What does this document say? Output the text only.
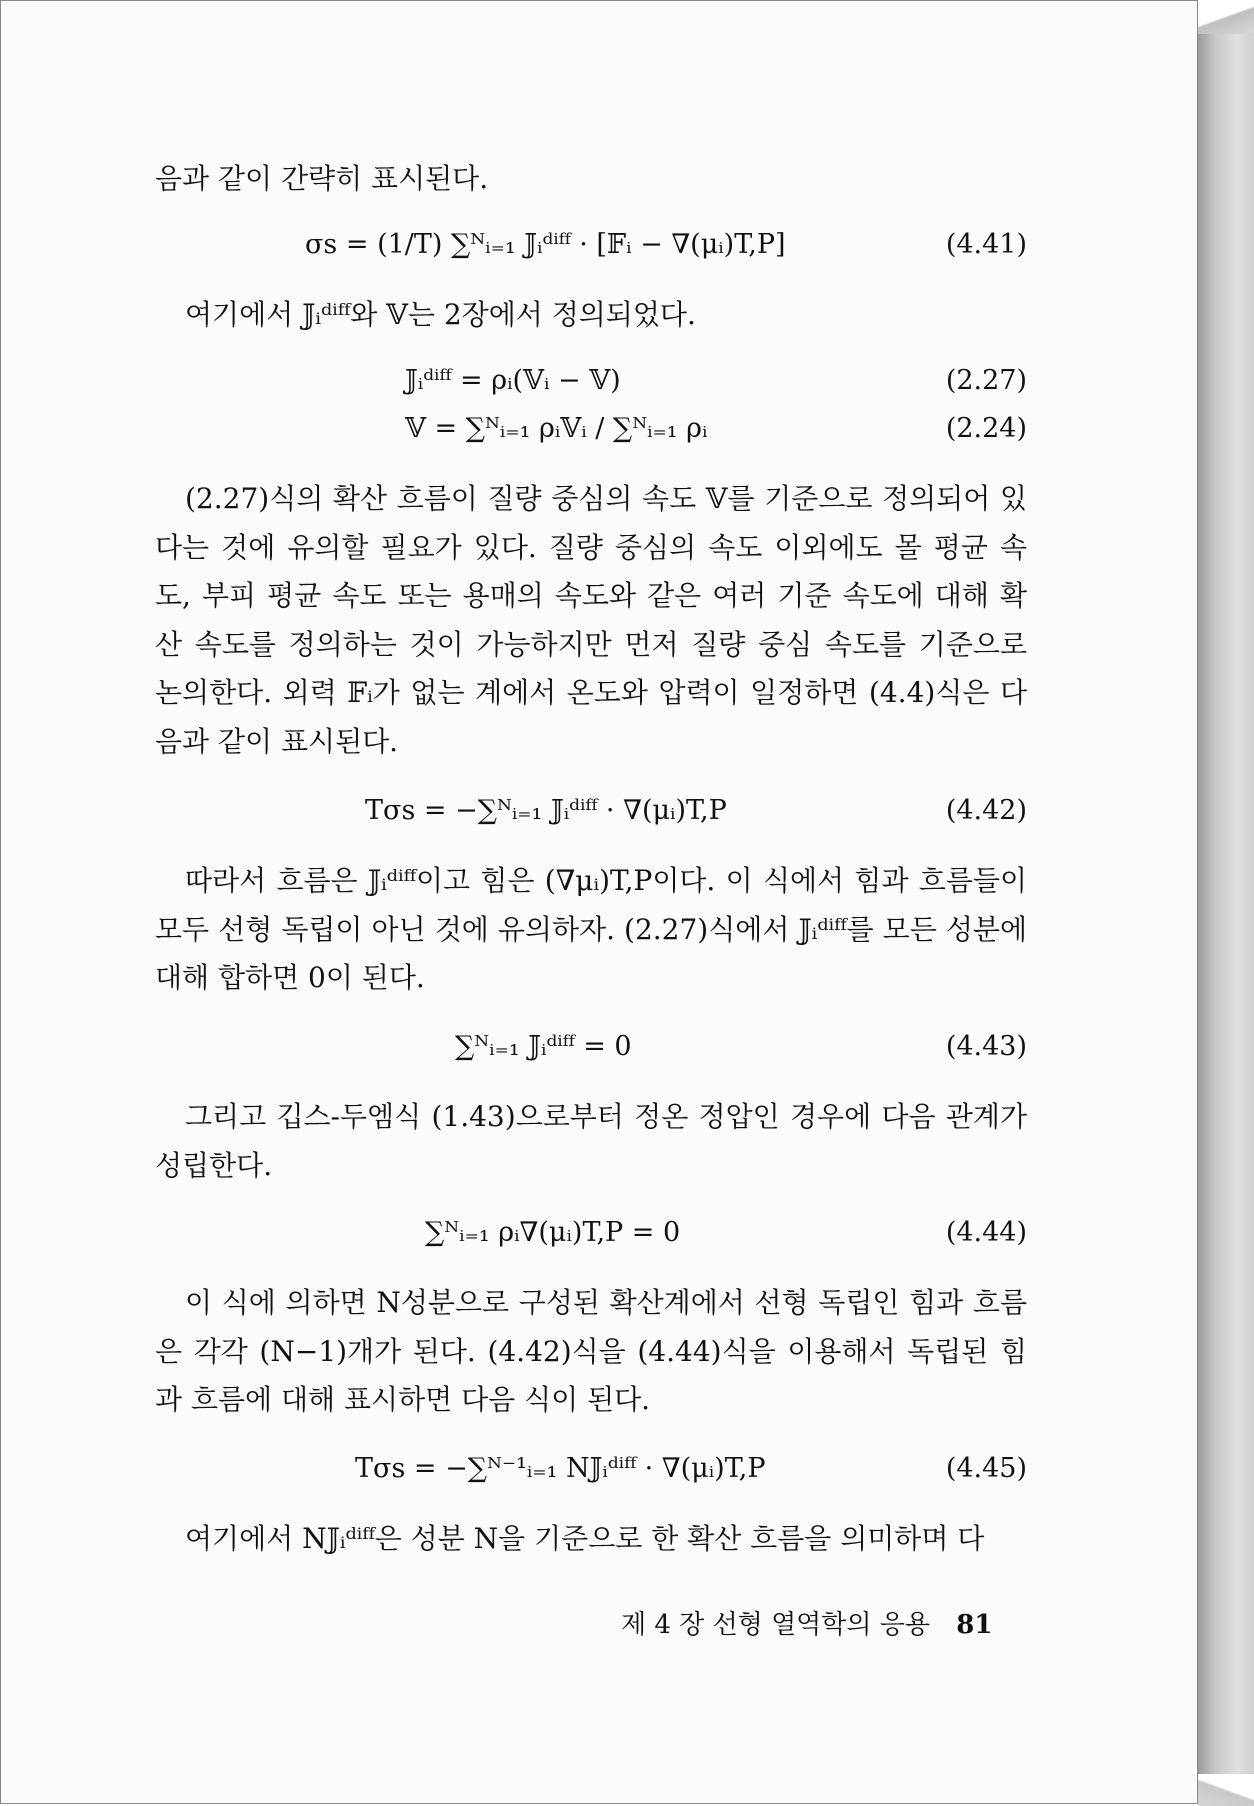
음과 같이 간략히 표시된다.

σs = (1/T) ∑ᴺᵢ₌₁ 𝕁ᵢᵈⁱᶠᶠ · [𝔽ᵢ − ∇(μᵢ)T,P]	(4.41)

여기에서 𝕁ᵢᵈⁱᶠᶠ와 𝕍는 2장에서 정의되었다.

𝕁ᵢᵈⁱᶠᶠ = ρᵢ(𝕍ᵢ − 𝕍)	(2.27)
𝕍 = ∑ᴺᵢ₌₁ ρᵢ𝕍ᵢ / ∑ᴺᵢ₌₁ ρᵢ	(2.24)

(2.27)식의 확산 흐름이 질량 중심의 속도 𝕍를 기준으로 정의되어 있다는 것에 유의할 필요가 있다. 질량 중심의 속도 이외에도 몰 평균 속도, 부피 평균 속도 또는 용매의 속도와 같은 여러 기준 속도에 대해 확산 속도를 정의하는 것이 가능하지만 먼저 질량 중심 속도를 기준으로 논의한다. 외력 𝔽ᵢ가 없는 계에서 온도와 압력이 일정하면 (4.4)식은 다음과 같이 표시된다.

Tσs = −∑ᴺᵢ₌₁ 𝕁ᵢᵈⁱᶠᶠ · ∇(μᵢ)T,P	(4.42)

따라서 흐름은 𝕁ᵢᵈⁱᶠᶠ이고 힘은 (∇μᵢ)T,P이다. 이 식에서 힘과 흐름들이 모두 선형 독립이 아닌 것에 유의하자. (2.27)식에서 𝕁ᵢᵈⁱᶠᶠ를 모든 성분에 대해 합하면 0이 된다.

∑ᴺᵢ₌₁ 𝕁ᵢᵈⁱᶠᶠ = 0	(4.43)

그리고 깁스-두엠식 (1.43)으로부터 정온 정압인 경우에 다음 관계가 성립한다.

∑ᴺᵢ₌₁ ρᵢ∇(μᵢ)T,P = 0	(4.44)

이 식에 의하면 N성분으로 구성된 확산계에서 선형 독립인 힘과 흐름은 각각 (N−1)개가 된다. (4.42)식을 (4.44)식을 이용해서 독립된 힘과 흐름에 대해 표시하면 다음 식이 된다.

Tσs = −∑ᴺ⁻¹ᵢ₌₁ N𝕁ᵢᵈⁱᶠᶠ · ∇(μᵢ)T,P	(4.45)

여기에서 N𝕁ᵢᵈⁱᶠᶠ은 성분 N을 기준으로 한 확산 흐름을 의미하며 다

제 4 장 선형 열역학의 응용 81
